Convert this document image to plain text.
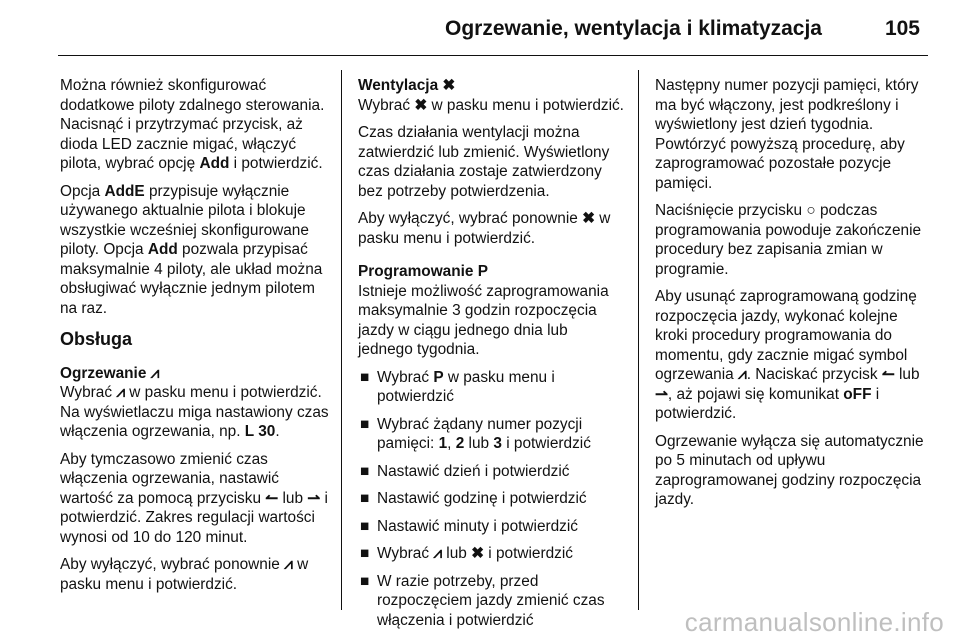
Ogrzewanie, wentylacja i klimatyzacja	105

Można również skonfigurować dodatkowe piloty zdalnego sterowania. Nacisnąć i przytrzymać przycisk, aż dioda LED zacznie migać, włączyć pilota, wybrać opcję Add i potwierdzić.

Opcja AddE przypisuje wyłącznie używanego aktualnie pilota i blokuje wszystkie wcześniej skonfigurowane piloty. Opcja Add pozwala przypisać maksymalnie 4 piloty, ale układ można obsługiwać wyłącznie jednym pilotem na raz.

Obsługa
Ogrzewanie ⩘

Wybrać ⩘ w pasku menu i potwierdzić. Na wyświetlaczu miga nastawiony czas włączenia ogrzewania, np. L 30.

Aby tymczasowo zmienić czas włączenia ogrzewania, nastawić wartość za pomocą przycisku ↼ lub ⇀ i potwierdzić. Zakres regulacji wartości wynosi od 10 do 120 minut.

Aby wyłączyć, wybrać ponownie ⩘ w pasku menu i potwierdzić.

Wentylacja ✖

Wybrać ✖ w pasku menu i potwierdzić.

Czas działania wentylacji można zatwierdzić lub zmienić. Wyświetlony czas działania zostaje zatwierdzony bez potrzeby potwierdzenia.

Aby wyłączyć, wybrać ponownie ✖ w pasku menu i potwierdzić.

Programowanie P

Istnieje możliwość zaprogramowania maksymalnie 3 godzin rozpoczęcia jazdy w ciągu jednego dnia lub jednego tygodnia.

■ Wybrać P w pasku menu i potwierdzić
■ Wybrać żądany numer pozycji pamięci: 1, 2 lub 3 i potwierdzić
■ Nastawić dzień i potwierdzić
■ Nastawić godzinę i potwierdzić
■ Nastawić minuty i potwierdzić
■ Wybrać ⩘ lub ✖ i potwierdzić
■ W razie potrzeby, przed rozpoczęciem jazdy zmienić czas włączenia i potwierdzić

Następny numer pozycji pamięci, który ma być włączony, jest podkreślony i wyświetlony jest dzień tygodnia. Powtórzyć powyższą procedurę, aby zaprogramować pozostałe pozycje pamięci.

Naciśnięcie przycisku ○ podczas programowania powoduje zakończenie procedury bez zapisania zmian w programie.

Aby usunąć zaprogramowaną godzinę rozpoczęcia jazdy, wykonać kolejne kroki procedury programowania do momentu, gdy zacznie migać symbol ogrzewania ⩘. Naciskać przycisk ↼ lub ⇀, aż pojawi się komunikat oFF i potwierdzić.

Ogrzewanie wyłącza się automatycznie po 5 minutach od upływu zaprogramowanej godziny rozpoczęcia jazdy.

carmanualsonline.info
